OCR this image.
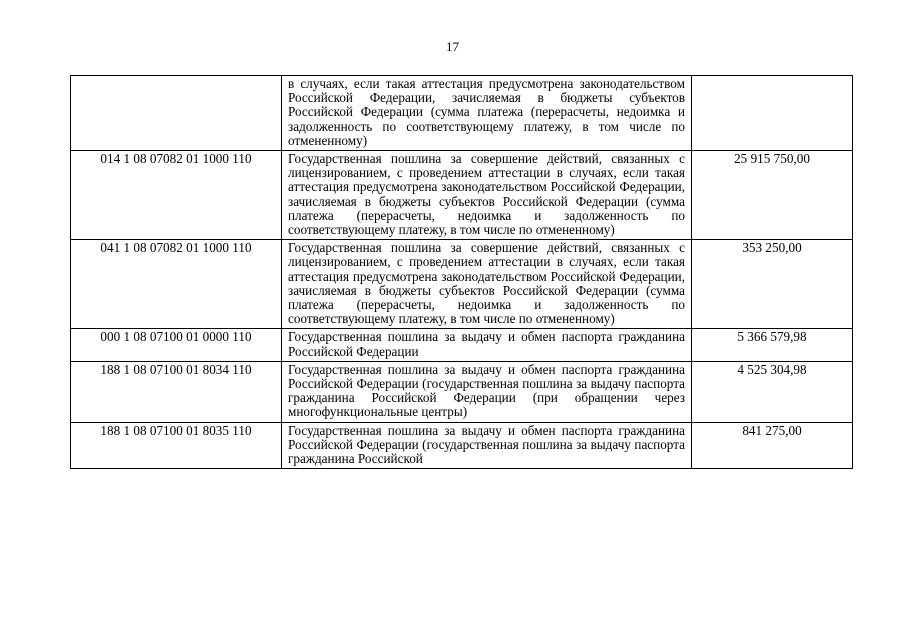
17
	в случаях, если такая аттестация предусмотрена законодательством Российской Федерации, зачисляемая в бюджеты субъектов Российской Федерации (сумма платежа (перерасчеты, недоимка и задолженность по соответствующему платежу, в том числе по отмененному)	
014 1 08 07082 01 1000 110	Государственная пошлина за совершение действий, связанных с лицензированием, с проведением аттестации в случаях, если такая аттестация предусмотрена законодательством Российской Федерации, зачисляемая в бюджеты субъектов Российской Федерации (сумма платежа (перерасчеты, недоимка и задолженность по соответствующему платежу, в том числе по отмененному)	25 915 750,00
041 1 08 07082 01 1000 110	Государственная пошлина за совершение действий, связанных с лицензированием, с проведением аттестации в случаях, если такая аттестация предусмотрена законодательством Российской Федерации, зачисляемая в бюджеты субъектов Российской Федерации (сумма платежа (перерасчеты, недоимка и задолженность по соответствующему платежу, в том числе по отмененному)	353 250,00
000 1 08 07100 01 0000 110	Государственная пошлина за выдачу и обмен паспорта гражданина Российской Федерации	5 366 579,98
188 1 08 07100 01 8034 110	Государственная пошлина за выдачу и обмен паспорта гражданина Российской Федерации (государственная пошлина за выдачу паспорта гражданина Российской Федерации (при обращении через многофункциональные центры)	4 525 304,98
188 1 08 07100 01 8035 110	Государственная пошлина за выдачу и обмен паспорта гражданина Российской Федерации (государственная пошлина за выдачу паспорта гражданина Российской	841 275,00
